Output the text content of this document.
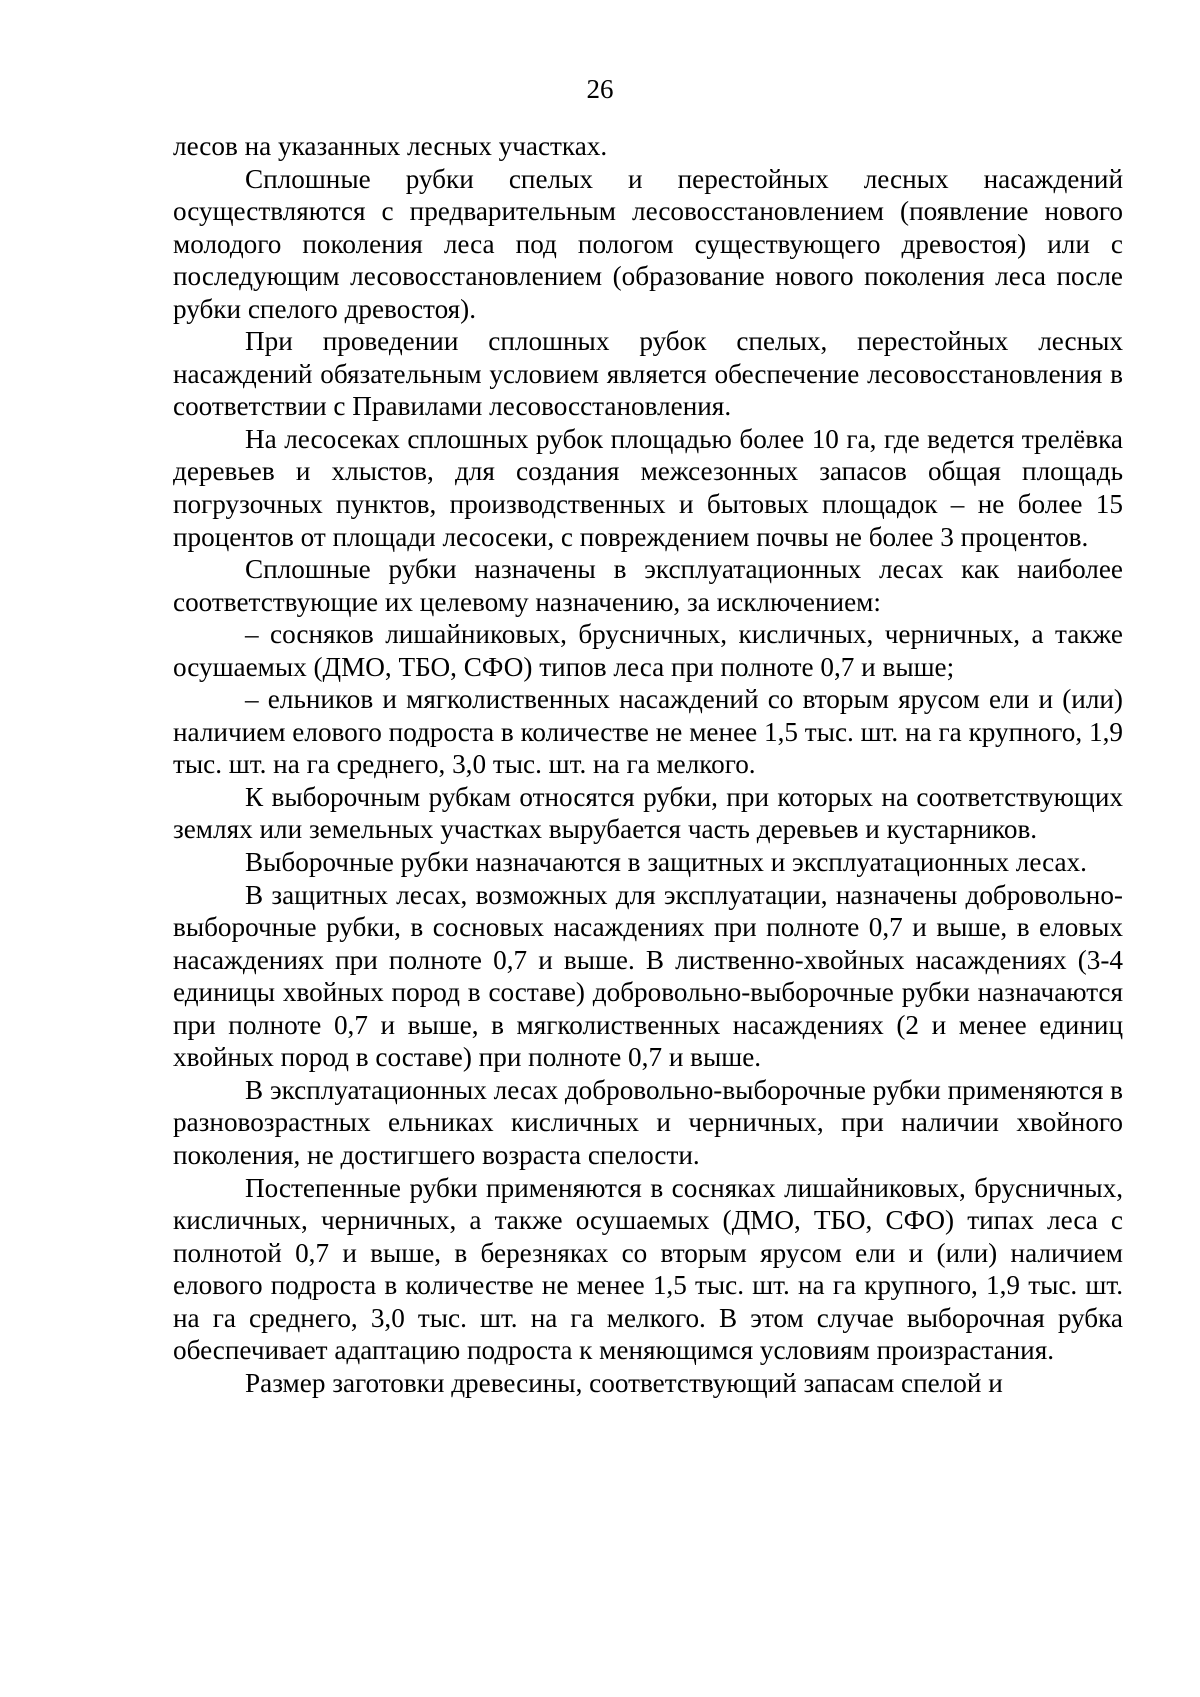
26

лесов на указанных лесных участках.

Сплошные рубки спелых и перестойных лесных насаждений осуществляются с предварительным лесовосстановлением (появление нового молодого поколения леса под пологом существующего древостоя) или с последующим лесовосстановлением (образование нового поколения леса после рубки спелого древостоя).

При проведении сплошных рубок спелых, перестойных лесных насаждений обязательным условием является обеспечение лесовосстановления в соответствии с Правилами лесовосстановления.

На лесосеках сплошных рубок площадью более 10 га, где ведется трелёвка деревьев и хлыстов, для создания межсезонных запасов общая площадь погрузочных пунктов, производственных и бытовых площадок – не более 15 процентов от площади лесосеки, с повреждением почвы не более 3 процентов.

Сплошные рубки назначены в эксплуатационных лесах как наиболее соответствующие их целевому назначению, за исключением:

– сосняков лишайниковых, брусничных, кисличных, черничных, а также осушаемых (ДМО, ТБО, СФО) типов леса при полноте 0,7 и выше;

– ельников и мягколиственных насаждений со вторым ярусом ели и (или) наличием елового подроста в количестве не менее 1,5 тыс. шт. на га крупного, 1,9 тыс. шт. на га среднего, 3,0 тыс. шт. на га мелкого.

К выборочным рубкам относятся рубки, при которых на соответствующих землях или земельных участках вырубается часть деревьев и кустарников.

Выборочные рубки назначаются в защитных и эксплуатационных лесах.

В защитных лесах, возможных для эксплуатации, назначены добровольно-выборочные рубки, в сосновых насаждениях при полноте 0,7 и выше, в еловых насаждениях при полноте 0,7 и выше. В лиственно-хвойных насаждениях (3-4 единицы хвойных пород в составе) добровольно-выборочные рубки назначаются при полноте 0,7 и выше, в мягколиственных насаждениях (2 и менее единиц хвойных пород в составе) при полноте 0,7 и выше.

В эксплуатационных лесах добровольно-выборочные рубки применяются в разновозрастных ельниках кисличных и черничных, при наличии хвойного поколения, не достигшего возраста спелости.

Постепенные рубки применяются в сосняках лишайниковых, брусничных, кисличных, черничных, а также осушаемых (ДМО, ТБО, СФО) типах леса с полнотой 0,7 и выше, в березняках со вторым ярусом ели и (или) наличием елового подроста в количестве не менее 1,5 тыс. шт. на га крупного, 1,9 тыс. шт. на га среднего, 3,0 тыс. шт. на га мелкого. В этом случае выборочная рубка обеспечивает адаптацию подроста к меняющимся условиям произрастания.

Размер заготовки древесины, соответствующий запасам спелой и
